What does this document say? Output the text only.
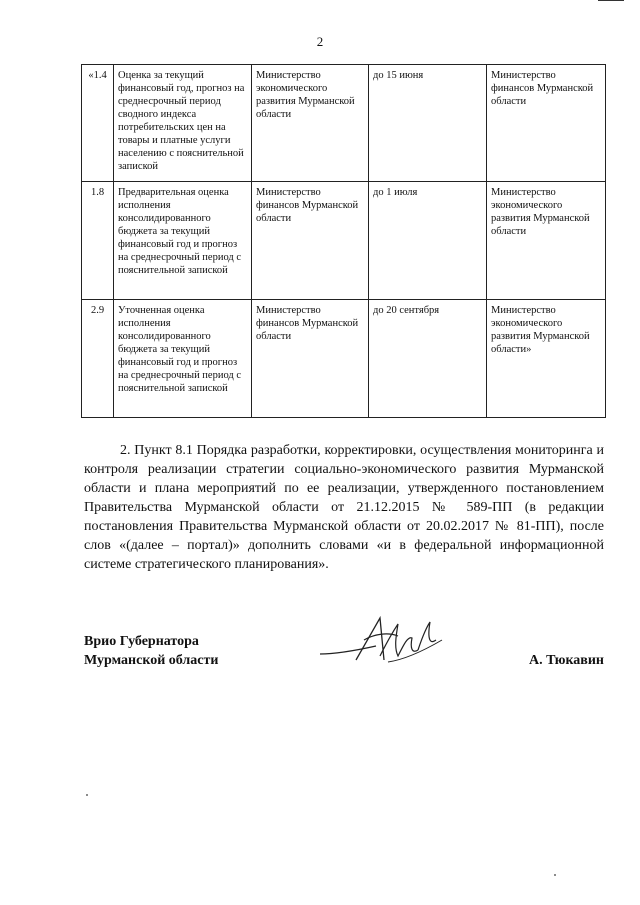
2
«1.4	Оценка за текущий финансовый год, прогноз на среднесрочный период сводного индекса потребительских цен на товары и платные услуги населению с пояснительной запиской	Министерство экономического развития Мурманской области	до 15 июня	Министерство финансов Мурманской области
1.8	Предварительная оценка исполнения консолидированного бюджета за текущий финансовый год и прогноз на среднесрочный период с пояснительной запиской	Министерство финансов Мурманской области	до 1 июля	Министерство экономического развития Мурманской области
2.9	Уточненная оценка исполнения консолидированного бюджета за текущий финансовый год и прогноз на среднесрочный период с пояснительной запиской	Министерство финансов Мурманской области	до 20 сентября	Министерство экономического развития Мурманской области»

2. Пункт 8.1 Порядка разработки, корректировки, осуществления мониторинга и контроля реализации стратегии социально-экономического развития Мурманской области и плана мероприятий по ее реализации, утвержденного постановлением Правительства Мурманской области от 21.12.2015 № 589-ПП (в редакции постановления Правительства Мурманской области от 20.02.2017 № 81-ПП), после слов «(далее – портал)» дополнить словами «и в федеральной информационной системе стратегического планирования».

Врио Губернатора
Мурманской области	А. Тюкавин
